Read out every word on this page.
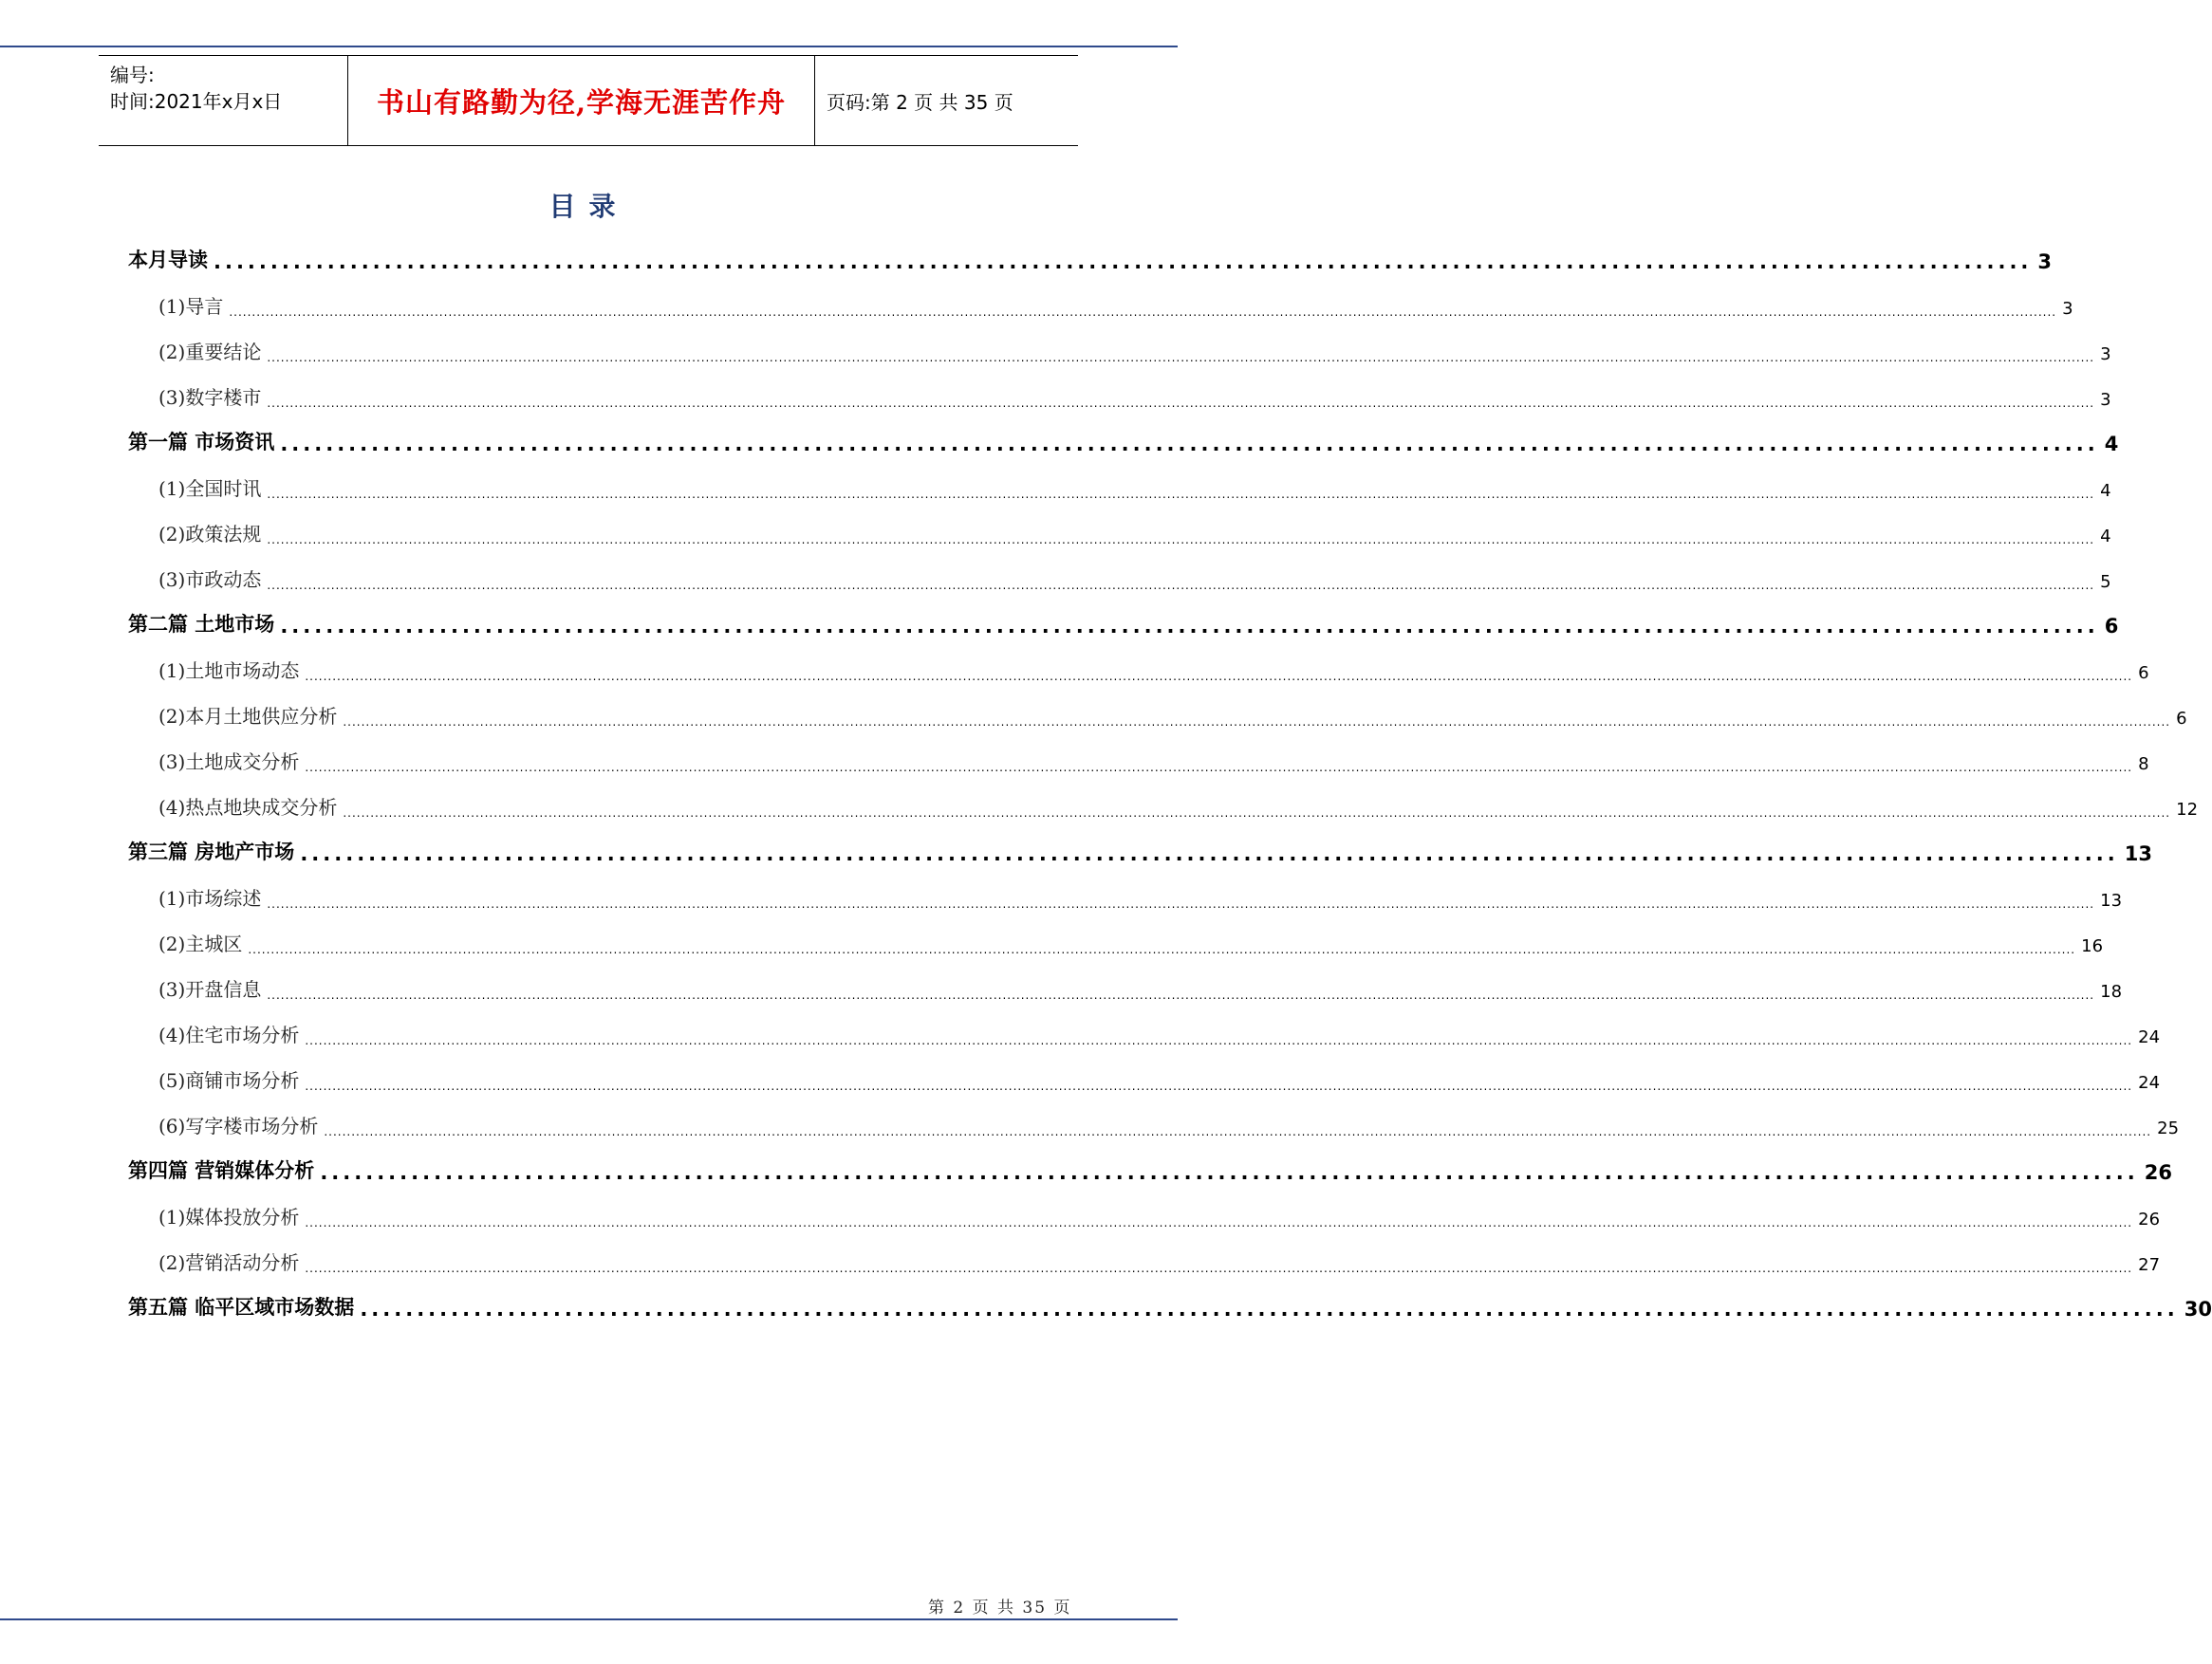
编号:
时间:2021年x月x日	书山有路勤为径,学海无涯苦作舟	页码:第 2 页 共 35 页
目录
本月导读 ................................................................................................................................................................ 3
(1)导言 ................................................................................................................................................................................................................................................................................................................................................................................................................ 3
(2)重要结论 ................................................................................................................................................................................................................................................................................................................................................................................................................ 3
(3)数字楼市 ................................................................................................................................................................................................................................................................................................................................................................................................................ 3
第一篇 市场资讯 ................................................................................................................................................................ 4
(1)全国时讯 ................................................................................................................................................................................................................................................................................................................................................................................................................ 4
(2)政策法规 ................................................................................................................................................................................................................................................................................................................................................................................................................ 4
(3)市政动态 ................................................................................................................................................................................................................................................................................................................................................................................................................ 5
第二篇 土地市场 ................................................................................................................................................................ 6
(1)土地市场动态 ................................................................................................................................................................................................................................................................................................................................................................................................................ 6
(2)本月土地供应分析 ................................................................................................................................................................................................................................................................................................................................................................................................................ 6
(3)土地成交分析 ................................................................................................................................................................................................................................................................................................................................................................................................................ 8
(4)热点地块成交分析 ................................................................................................................................................................................................................................................................................................................................................................................................................ 12
第三篇 房地产市场 ................................................................................................................................................................ 13
(1)市场综述 ................................................................................................................................................................................................................................................................................................................................................................................................................ 13
(2)主城区 ................................................................................................................................................................................................................................................................................................................................................................................................................ 16
(3)开盘信息 ................................................................................................................................................................................................................................................................................................................................................................................................................ 18
(4)住宅市场分析 ................................................................................................................................................................................................................................................................................................................................................................................................................ 24
(5)商铺市场分析 ................................................................................................................................................................................................................................................................................................................................................................................................................ 24
(6)写字楼市场分析 ................................................................................................................................................................................................................................................................................................................................................................................................................ 25
第四篇 营销媒体分析 ................................................................................................................................................................ 26
(1)媒体投放分析 ................................................................................................................................................................................................................................................................................................................................................................................................................ 26
(2)营销活动分析 ................................................................................................................................................................................................................................................................................................................................................................................................................ 27
第五篇 临平区域市场数据 ................................................................................................................................................................ 30
第 2 页 共 35 页
